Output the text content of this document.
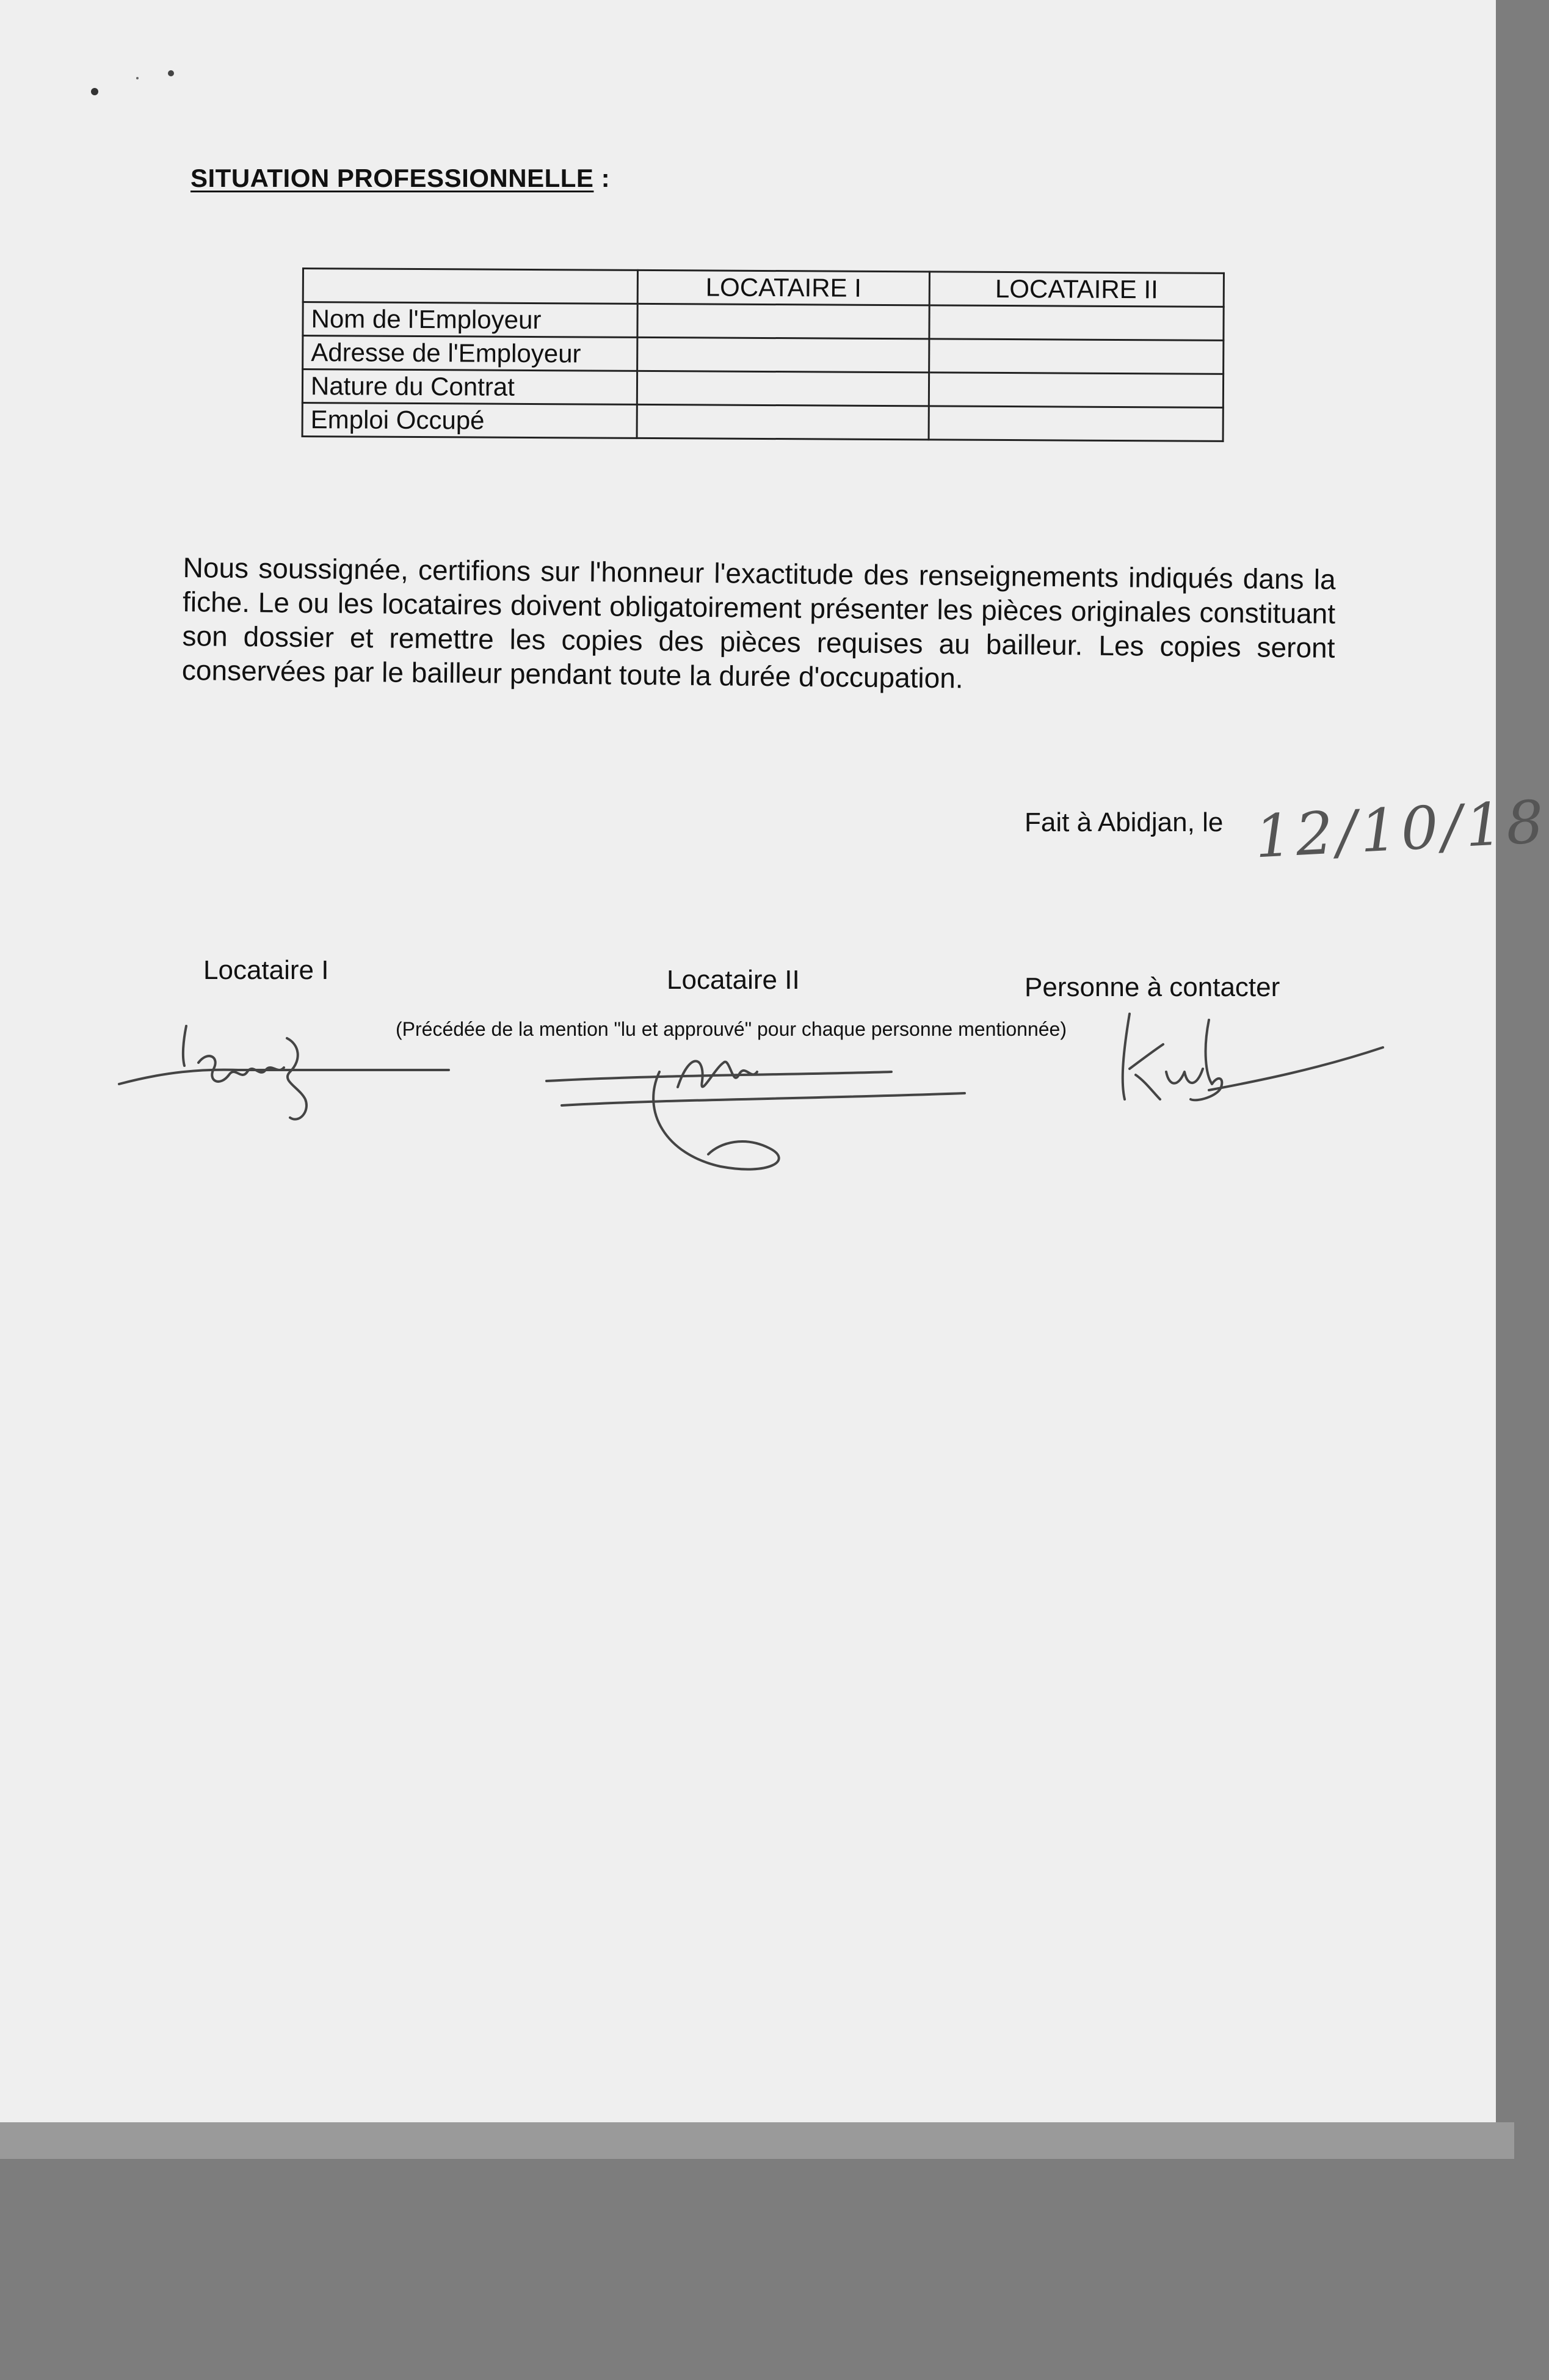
SITUATION PROFESSIONNELLE :
	LOCATAIRE I	LOCATAIRE II
Nom de l'Employeur		
Adresse de l'Employeur		
Nature du Contrat		
Emploi Occupé		

Nous soussignée, certifions sur l'honneur l'exactitude des renseignements indiqués dans la fiche. Le ou les locataires doivent obligatoirement présenter les pièces originales constituant son dossier et remettre les copies des pièces requises au bailleur. Les copies seront conservées par le bailleur pendant toute la durée d'occupation.

Fait à Abidjan, le 12/10/18
Locataire I	Locataire II	Personne à contacter
(Précédée de la mention "lu et approuvé" pour chaque personne mentionnée)
